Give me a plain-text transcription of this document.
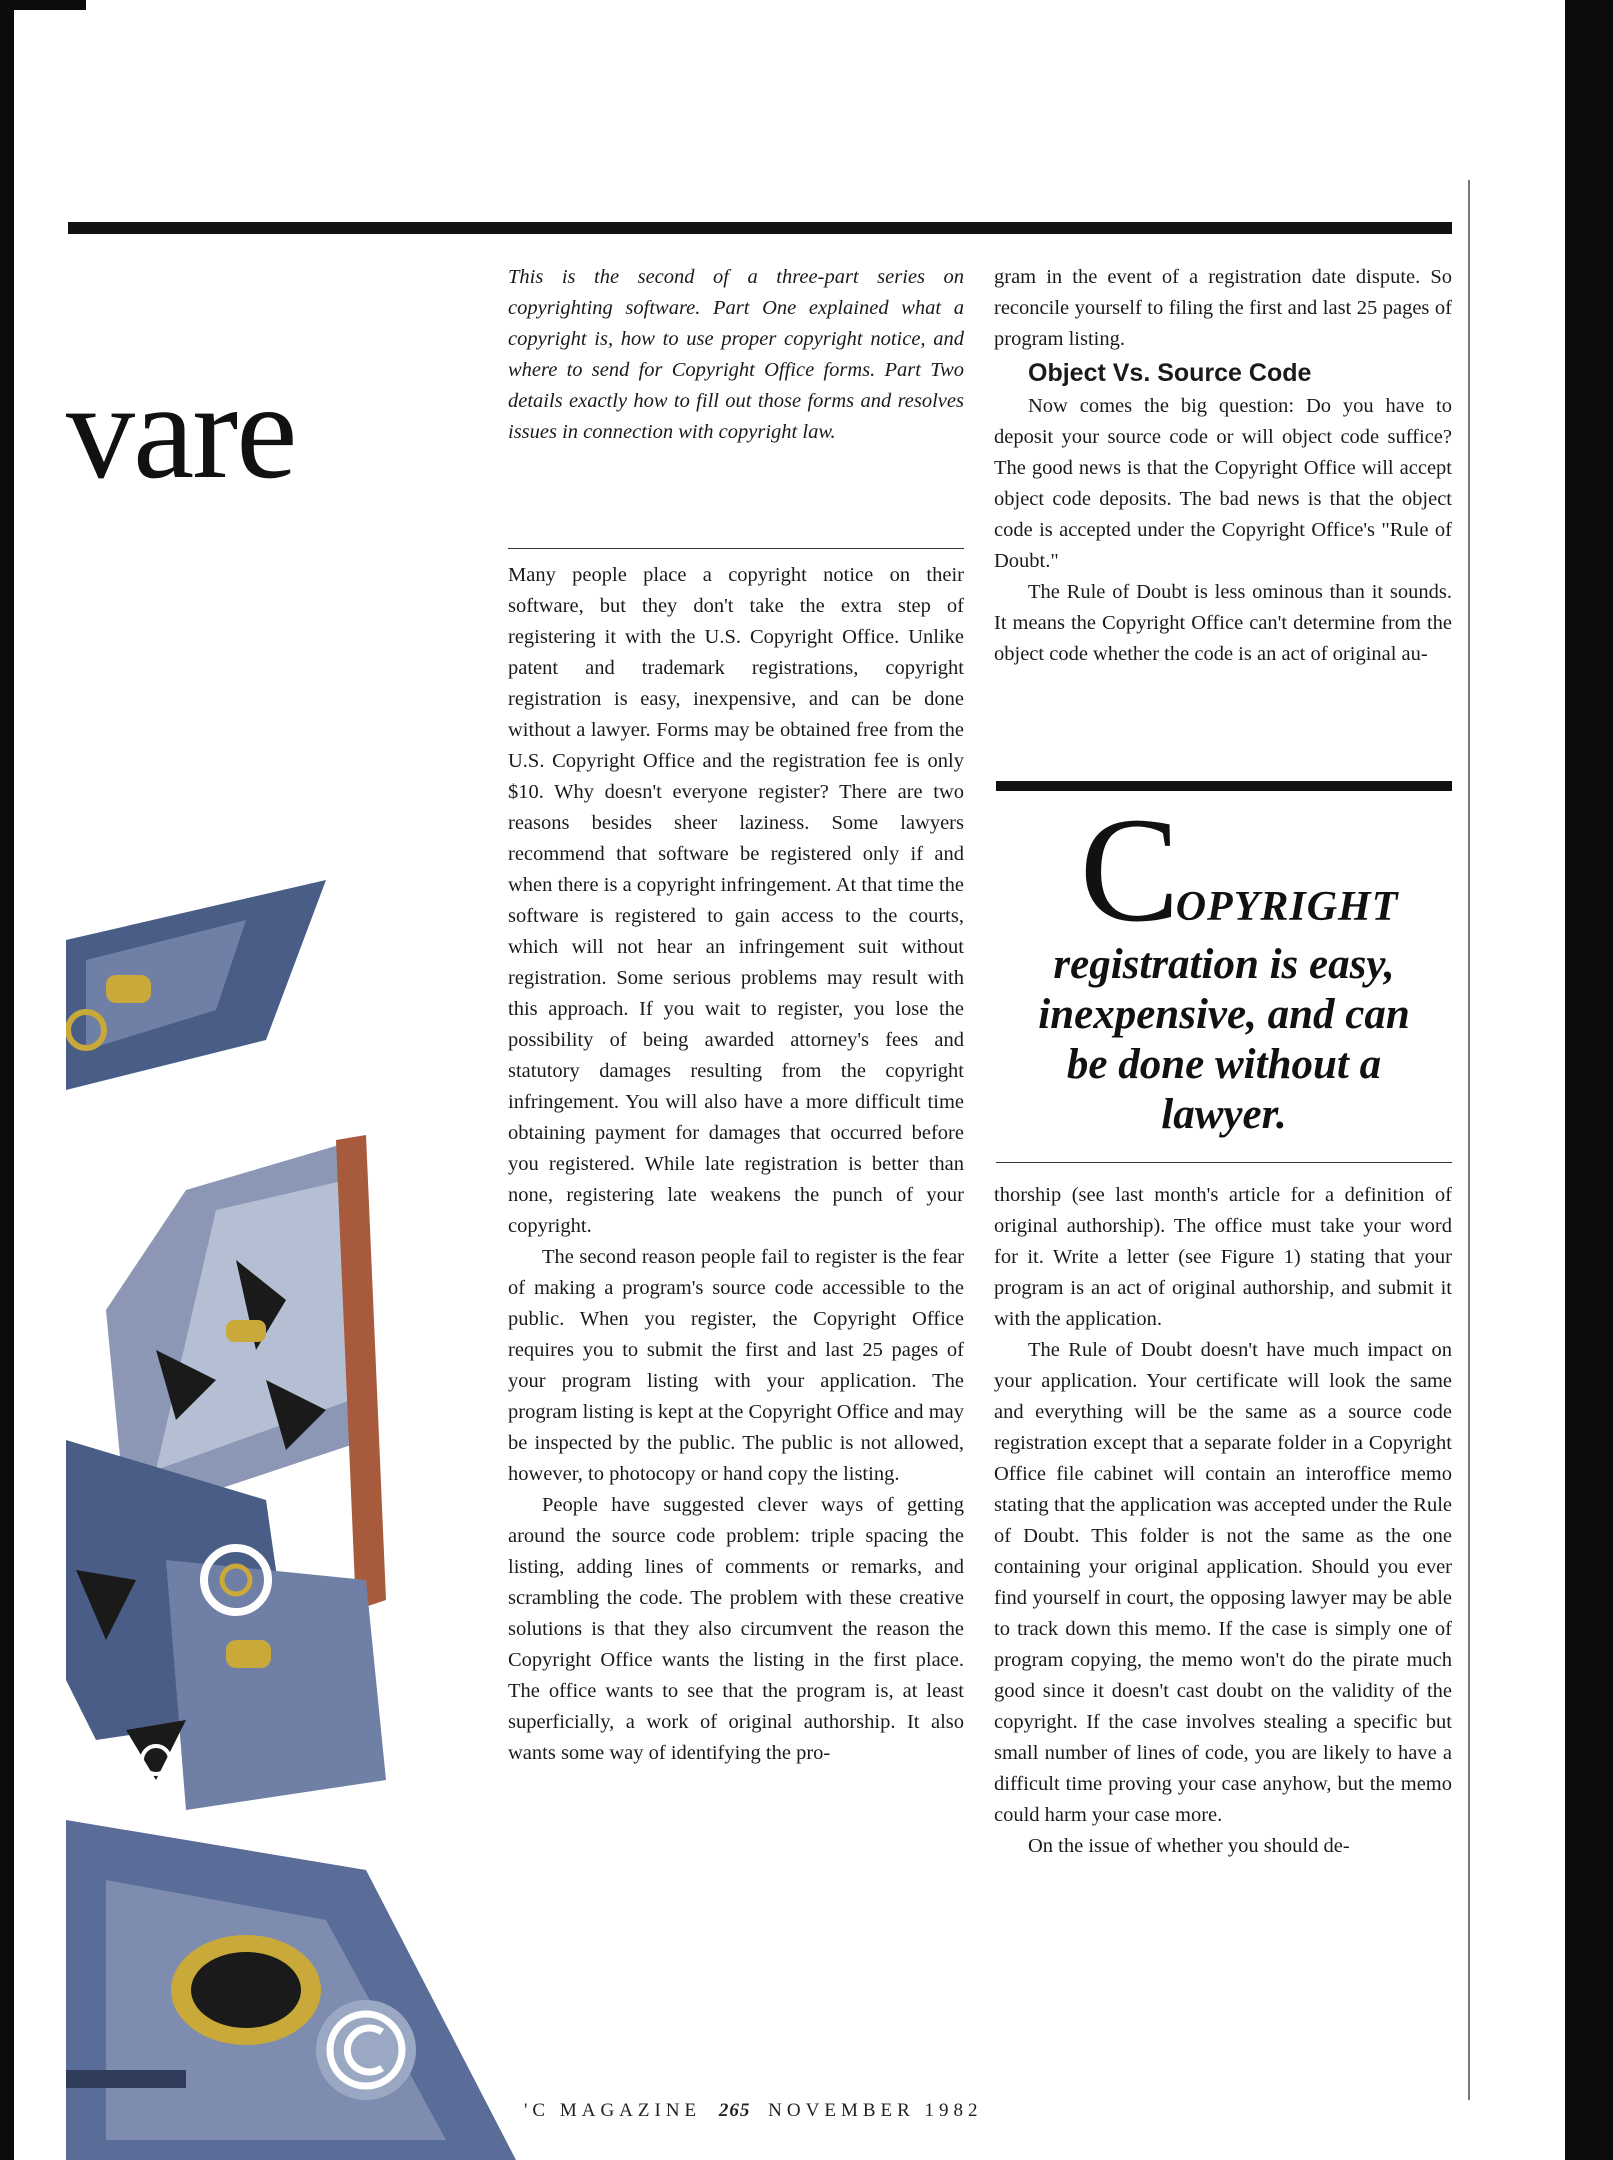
vare
This is the second of a three-part series on copyrighting software. Part One explained what a copyright is, how to use proper copyright notice, and where to send for Copyright Office forms. Part Two details exactly how to fill out those forms and resolves issues in connection with copyright law.

Many people place a copyright notice on their software, but they don't take the extra step of registering it with the U.S. Copyright Office. Unlike patent and trademark registrations, copyright registration is easy, inexpensive, and can be done without a lawyer. Forms may be obtained free from the U.S. Copyright Office and the registration fee is only $10. Why doesn't everyone register? There are two reasons besides sheer laziness. Some lawyers recommend that software be registered only if and when there is a copyright infringement. At that time the software is registered to gain access to the courts, which will not hear an infringement suit without registration. Some serious problems may result with this approach. If you wait to register, you lose the possibility of being awarded attorney's fees and statutory damages resulting from the copyright infringement. You will also have a more difficult time obtaining payment for damages that occurred before you registered. While late registration is better than none, registering late weakens the punch of your copyright.

The second reason people fail to register is the fear of making a program's source code accessible to the public. When you register, the Copyright Office requires you to submit the first and last 25 pages of your program listing with your application. The program listing is kept at the Copyright Office and may be inspected by the public. The public is not allowed, however, to photocopy or hand copy the listing.

People have suggested clever ways of getting around the source code problem: triple spacing the listing, adding lines of comments or remarks, and scrambling the code. The problem with these creative solutions is that they also circumvent the reason the Copyright Office wants the listing in the first place. The office wants to see that the program is, at least superficially, a work of original authorship. It also wants some way of identifying the pro-

gram in the event of a registration date dispute. So reconcile yourself to filing the first and last 25 pages of program listing.

Object Vs. Source Code

Now comes the big question: Do you have to deposit your source code or will object code suffice? The good news is that the Copyright Office will accept object code deposits. The bad news is that the object code is accepted under the Copyright Office's "Rule of Doubt."

The Rule of Doubt is less ominous than it sounds. It means the Copyright Office can't determine from the object code whether the code is an act of original au-

COPYRIGHT
registration is easy,
inexpensive, and can
be done without a
lawyer.

thorship (see last month's article for a definition of original authorship). The office must take your word for it. Write a letter (see Figure 1) stating that your program is an act of original authorship, and submit it with the application.

The Rule of Doubt doesn't have much impact on your application. Your certificate will look the same and everything will be the same as a source code registration except that a separate folder in a Copyright Office file cabinet will contain an interoffice memo stating that the application was accepted under the Rule of Doubt. This folder is not the same as the one containing your original application. Should you ever find yourself in court, the opposing lawyer may be able to track down this memo. If the case is simply one of program copying, the memo won't do the pirate much good since it doesn't cast doubt on the validity of the copyright. If the case involves stealing a specific but small number of lines of code, you are likely to have a difficult time proving your case anyhow, but the memo could harm your case more.

On the issue of whether you should de-

'C MAGAZINE 265 NOVEMBER 1982
